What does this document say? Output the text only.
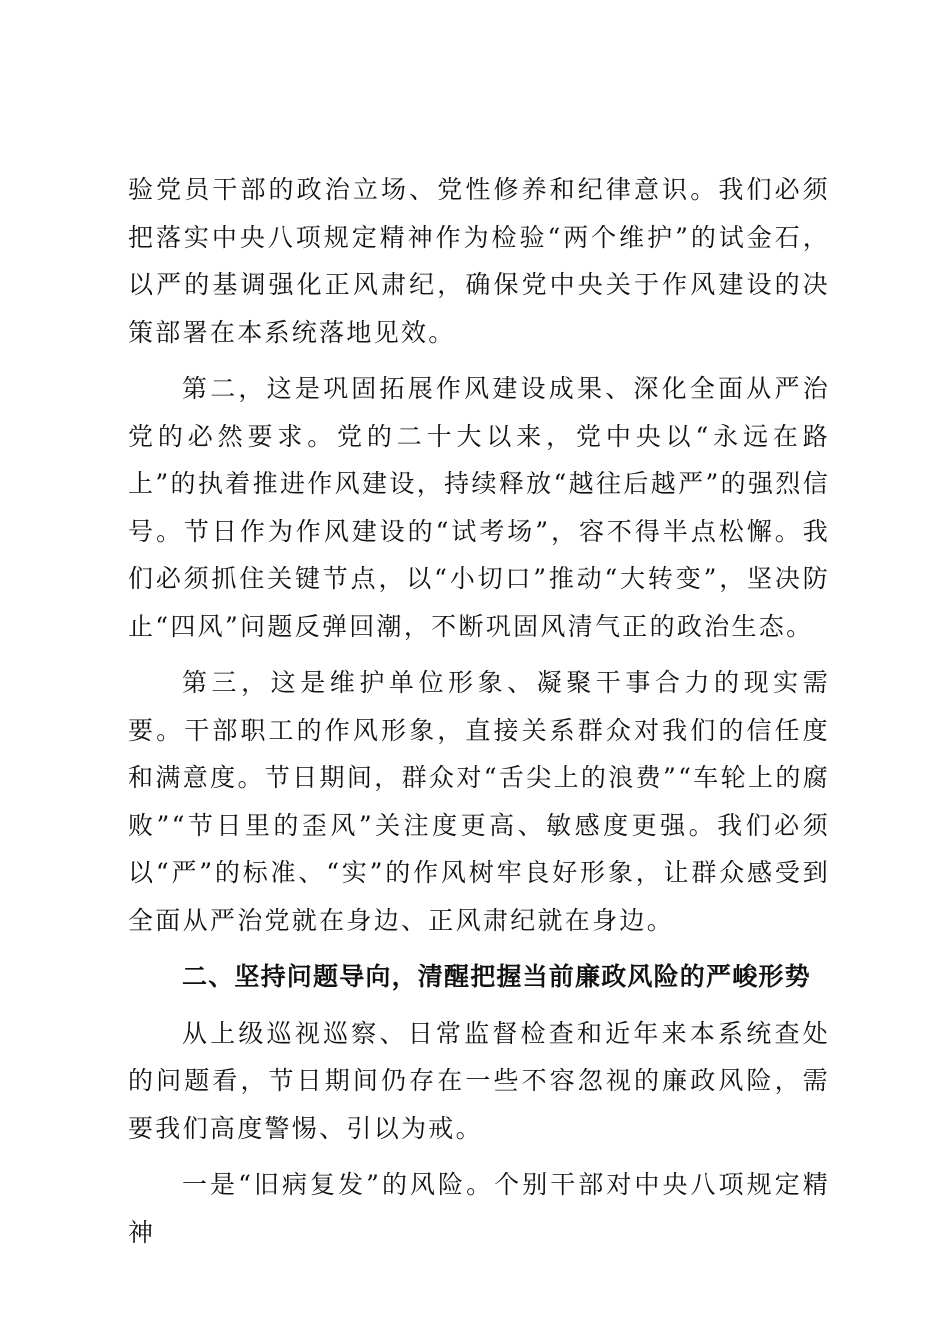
验党员干部的政治立场、党性修养和纪律意识。我们必须把落实中央八项规定精神作为检验“两个维护”的试金石，以严的基调强化正风肃纪，确保党中央关于作风建设的决策部署在本系统落地见效。

第二，这是巩固拓展作风建设成果、深化全面从严治党的必然要求。党的二十大以来，党中央以“永远在路上”的执着推进作风建设，持续释放“越往后越严”的强烈信号。节日作为作风建设的“试考场”，容不得半点松懈。我们必须抓住关键节点，以“小切口”推动“大转变”，坚决防止“四风”问题反弹回潮，不断巩固风清气正的政治生态。

第三，这是维护单位形象、凝聚干事合力的现实需要。干部职工的作风形象，直接关系群众对我们的信任度和满意度。节日期间，群众对“舌尖上的浪费”“车轮上的腐败”“节日里的歪风”关注度更高、敏感度更强。我们必须以“严”的标准、“实”的作风树牢良好形象，让群众感受到全面从严治党就在身边、正风肃纪就在身边。

二、坚持问题导向，清醒把握当前廉政风险的严峻形势

从上级巡视巡察、日常监督检查和近年来本系统查处的问题看，节日期间仍存在一些不容忽视的廉政风险，需要我们高度警惕、引以为戒。

一是“旧病复发”的风险。个别干部对中央八项规定精神
